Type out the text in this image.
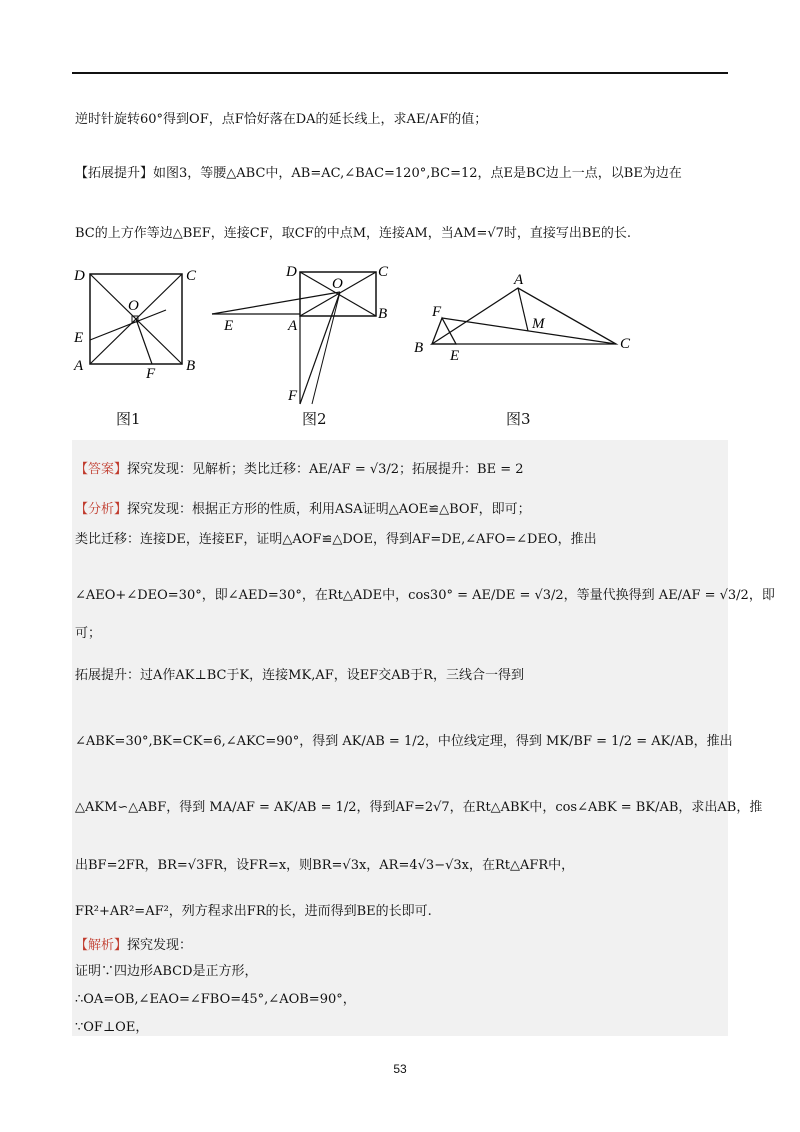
逆时针旋转60°得到OF，点F恰好落在DA的延长线上，求AE/AF的值；
【拓展提升】如图3，等腰△ABC中，AB=AC,∠BAC=120°,BC=12，点E是BC边上一点，以BE为边在
BC的上方作等边△BEF，连接CF，取CF的中点M，连接AM，当AM=√7时，直接写出BE的长.
D	C
O
E
A	F B
D	C
O
E	A
B
F
A
F
M
B E
C
图1	图2	图3
【答案】探究发现：见解析；类比迁移：AE/AF = √3/2；拓展提升：BE = 2
【分析】探究发现：根据正方形的性质，利用ASA证明△AOE≌△BOF，即可；
类比迁移：连接DE，连接EF，证明△AOF≌△DOE，得到AF=DE,∠AFO=∠DEO，推出
∠AEO+∠DEO=30°，即∠AED=30°，在Rt△ADE中，cos30° = AE/DE = √3/2，等量代换得到 AE/AF = √3/2，即
可；
拓展提升：过A作AK⊥BC于K，连接MK,AF，设EF交AB于R，三线合一得到
∠ABK=30°,BK=CK=6,∠AKC=90°，得到 AK/AB = 1/2，中位线定理，得到 MK/BF = 1/2 = AK/AB，推出
△AKM∽△ABF，得到 MA/AF = AK/AB = 1/2，得到AF=2√7，在Rt△ABK中，cos∠ABK = BK/AB，求出AB，推
出BF=2FR，BR=√3FR，设FR=x，则BR=√3x，AR=4√3−√3x，在Rt△AFR中，
FR²+AR²=AF²，列方程求出FR的长，进而得到BE的长即可.
【解析】探究发现：
证明∵四边形ABCD是正方形，
∴OA=OB,∠EAO=∠FBO=45°,∠AOB=90°，
∵OF⊥OE，
53
